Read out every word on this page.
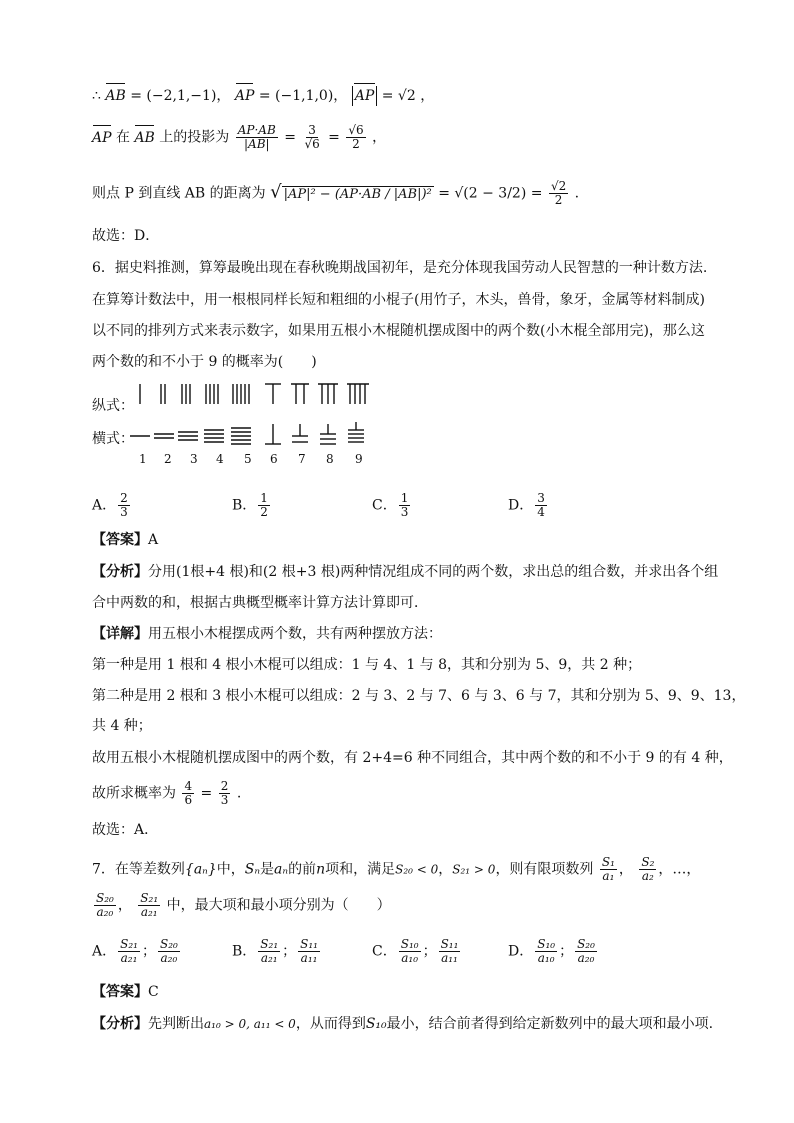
∴ AB = (−2,1,−1)， AP = (−1,1,0)， AP = √2 ，
AP 在 AB 上的投影为 $\frac{AP\cdot AB}{|AB|} = \frac{3}{√6} = \frac{√6}{2}$ ，
则点 P 到直线 AB 的距离为 √ $|AP|^2 - (AP\cdot AB / |AB|)^2 = √(2 - 3/2) = \frac{√2}{2}$ .
故选：D．
6．据史料推测，算筹最晚出现在春秋晚期战国初年，是充分体现我国劳动人民智慧的一种计数方法.
在算筹计数法中，用一根根同样长短和粗细的小棍子(用竹子，木头，兽骨，象牙，金属等材料制成)
以不同的排列方式来表示数字，如果用五根小木棍随机摆成图中的两个数(小木棍全部用完)，那么这
两个数的和不小于 9 的概率为(　　)
纵式：
横式：
1 2 3 4 5 6 7 8 9
A． $\frac{2}{3}$	B． $\frac{1}{2}$	C． $\frac{1}{3}$	D． $\frac{3}{4}$
【答案】A
【分析】分用(1根+4 根)和(2 根+3 根)两种情况组成不同的两个数，求出总的组合数，并求出各个组
合中两数的和，根据古典概型概率计算方法计算即可．
【详解】用五根小木棍摆成两个数，共有两种摆放方法：
第一种是用 1 根和 4 根小木棍可以组成：1 与 4、1 与 8，其和分别为 5、9，共 2 种；
第二种是用 2 根和 3 根小木棍可以组成：2 与 3、2 与 7、6 与 3、6 与 7，其和分别为 5、9、9、13，
共 4 种；
故用五根小木棍随机摆成图中的两个数，有 2+4=6 种不同组合，其中两个数的和不小于 9 的有 4 种，
故所求概率为 $\frac{4}{6} = \frac{2}{3}$ .
故选：A．
7．在等差数列{aₙ}中，Sₙ是aₙ的前n项和，满足S₂₀ < 0，S₂₁ > 0，则有限项数列 $\frac{\text{S₁}}{\text{a₁}}$ ， $\frac{\text{S₂}}{\text{a₂}}$ ，…，
$\frac{\text{S₂₀}}{\text{a₂₀}}$ ， $\frac{\text{S₂₁}}{\text{a₂₁}}$ 中，最大项和最小项分别为（　　）
A． $\frac{\text{S₂₁}}{\text{a₂₁}}$ ； $\frac{\text{S₂₀}}{\text{a₂₀}}$	B． $\frac{\text{S₂₁}}{\text{a₂₁}}$ ； $\frac{\text{S₁₁}}{\text{a₁₁}}$	C． $\frac{\text{S₁₀}}{\text{a₁₀}}$ ； $\frac{\text{S₁₁}}{\text{a₁₁}}$	D． $\frac{\text{S₁₀}}{\text{a₁₀}}$ ； $\frac{\text{S₂₀}}{\text{a₂₀}}$
【答案】C
【分析】先判断出a₁₀ > 0, a₁₁ < 0，从而得到S₁₀最小，结合前者得到给定新数列中的最大项和最小项.
